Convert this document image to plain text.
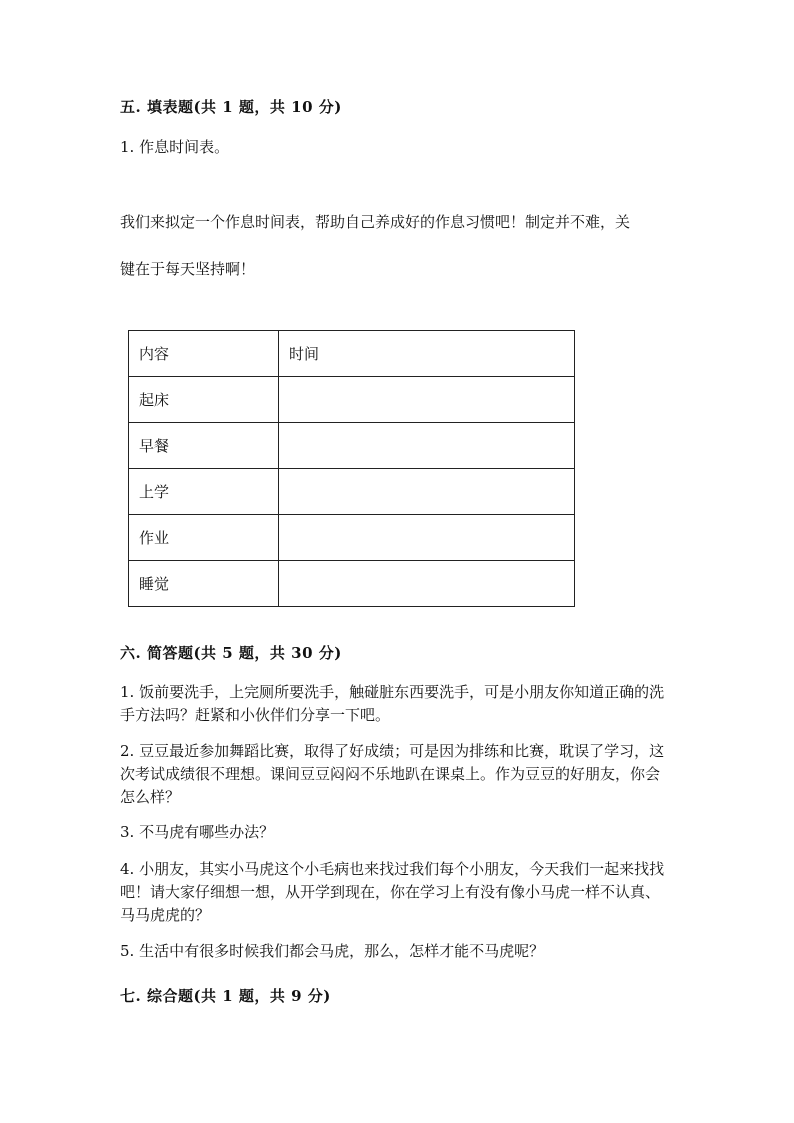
五. 填表题(共 1 题，共 10 分)
1. 作息时间表。
我们来拟定一个作息时间表，帮助自己养成好的作息习惯吧！制定并不难，关
键在于每天坚持啊！
内容	时间
起床	
早餐	
上学	
作业	
睡觉	
六. 简答题(共 5 题，共 30 分)

1. 饭前要洗手，上完厕所要洗手，触碰脏东西要洗手，可是小朋友你知道正确的洗手方法吗？赶紧和小伙伴们分享一下吧。

2. 豆豆最近参加舞蹈比赛，取得了好成绩；可是因为排练和比赛，耽误了学习，这次考试成绩很不理想。课间豆豆闷闷不乐地趴在课桌上。作为豆豆的好朋友，你会怎么样？

3. 不马虎有哪些办法？

4. 小朋友，其实小马虎这个小毛病也来找过我们每个小朋友，今天我们一起来找找吧！请大家仔细想一想，从开学到现在，你在学习上有没有像小马虎一样不认真、马马虎虎的？

5. 生活中有很多时候我们都会马虎，那么，怎样才能不马虎呢？

七. 综合题(共 1 题，共 9 分)
